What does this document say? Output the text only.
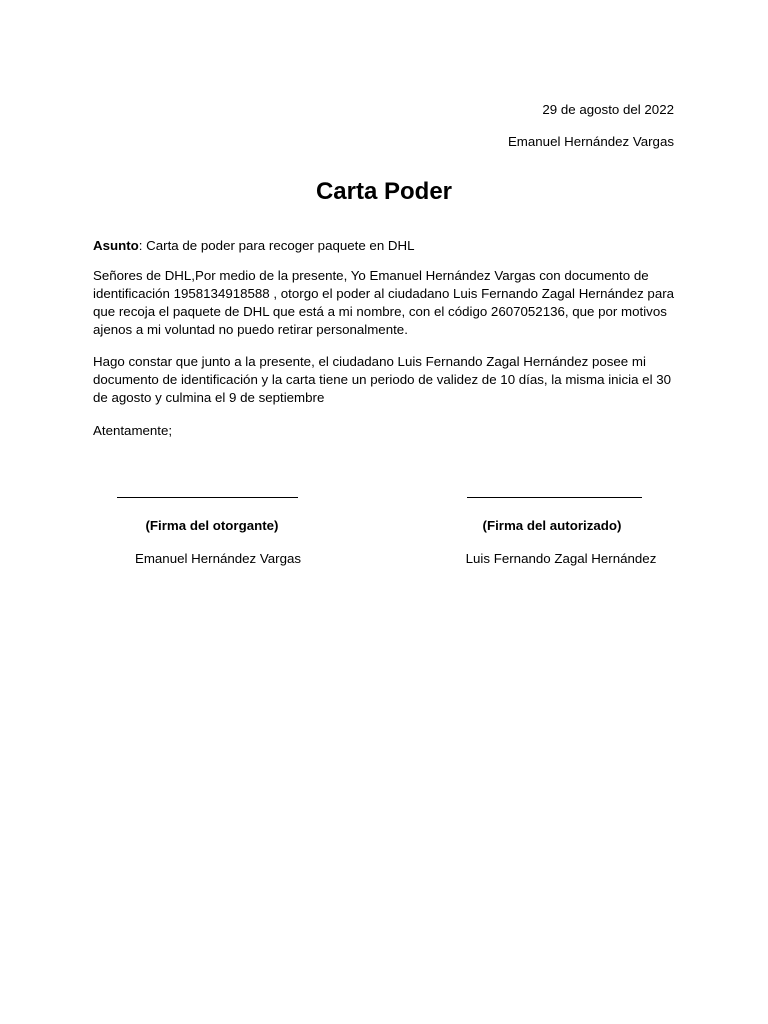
29 de agosto del 2022
Emanuel Hernández Vargas
Carta Poder
Asunto: Carta de poder para recoger paquete en DHL
Señores de DHL,Por medio de la presente, Yo Emanuel Hernández Vargas con documento de identificación 1958134918588 , otorgo el poder al ciudadano Luis Fernando Zagal Hernández para que recoja el paquete de DHL que está a mi nombre, con el código 2607052136, que por motivos ajenos a mi voluntad no puedo retirar personalmente.
Hago constar que junto a la presente, el ciudadano Luis Fernando Zagal Hernández posee mi documento de identificación y la carta tiene un periodo de validez de 10 días, la misma inicia el 30 de agosto y culmina el 9 de septiembre
Atentamente;
(Firma del otorgante)
Emanuel Hernández Vargas
(Firma del autorizado)
Luis Fernando Zagal Hernández
